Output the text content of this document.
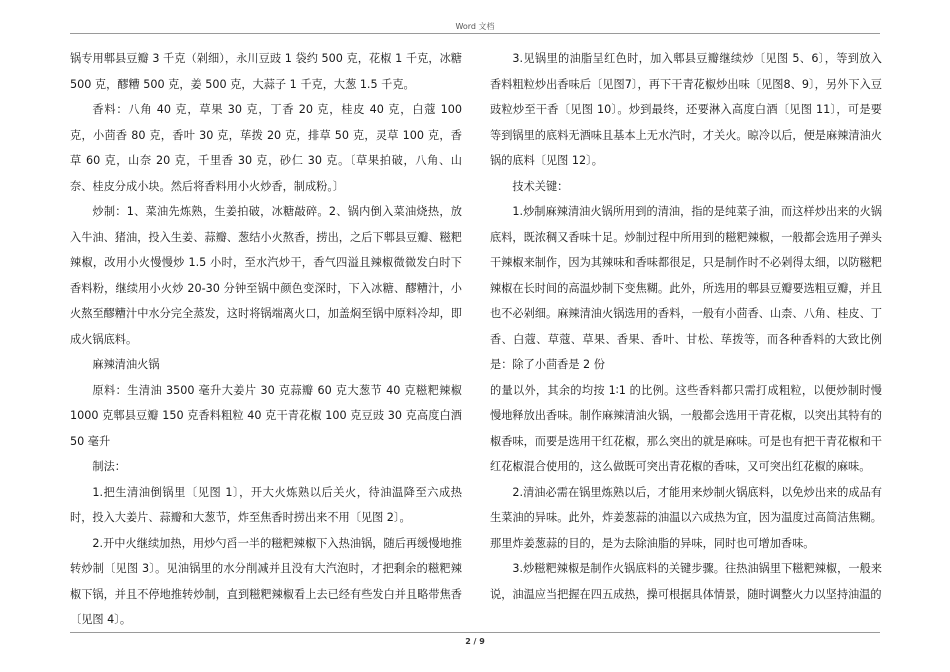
Word 文档

锅专用郫县豆瓣 3 千克（剁细），永川豆豉 1 袋约 500 克，花椒 1 千克，冰糖 500 克，醪糟 500 克，姜 500 克，大蒜子 1 千克，大葱 1.5 千克。

香料：八角 40 克，草果 30 克，丁香 20 克，桂皮 40 克，白蔻 100 克，小茴香 80 克，香叶 30 克，荜拨 20 克，排草 50 克，灵草 100 克，香草 60 克，山奈 20 克，千里香 30 克，砂仁 30 克。〔草果拍破，八角、山奈、桂皮分成小块。然后将香料用小火炒香，制成粉。〕

炒制：1、菜油先炼熟，生姜拍破，冰糖敲碎。2、锅内倒入菜油烧热，放入牛油、猪油，投入生姜、蒜瓣、葱结小火熬香，捞出，之后下郫县豆瓣、糍粑辣椒，改用小火慢慢炒 1.5 小时，至水汽炒干，香气四溢且辣椒微微发白时下香料粉，继续用小火炒 20-30 分钟至锅中颜色变深时，下入冰糖、醪糟汁，小火熬至醪糟汁中水分完全蒸发，这时将锅端离火口，加盖焖至锅中原料冷却，即成火锅底料。

麻辣清油火锅

原料：生清油 3500 毫升大姜片 30 克蒜瓣 60 克大葱节 40 克糍粑辣椒 1000 克郫县豆瓣 150 克香料粗粒 40 克干青花椒 100 克豆豉 30 克高度白酒 50 毫升

制法：

1.把生清油倒锅里〔见图 1〕，开大火炼熟以后关火，待油温降至六成热时，投入大姜片、蒜瓣和大葱节，炸至焦香时捞出来不用〔见图 2〕。

2.开中火继续加热，用炒勺舀一半的糍粑辣椒下入热油锅，随后再缓慢地推转炒制〔见图 3〕。见油锅里的水分削减并且没有大汽泡时，才把剩余的糍粑辣椒下锅，并且不停地推转炒制，直到糍粑辣椒看上去已经有些发白并且略带焦香〔见图 4〕。

3.见锅里的油脂呈红色时，加入郫县豆瓣继续炒〔见图 5、6〕，等到放入香料粗粒炒出香味后〔见图7〕，再下干青花椒炒出味〔见图8、9〕，另外下入豆豉粒炒至干香〔见图 10〕。炒到最终，还要淋入高度白酒〔见图 11〕，可是要等到锅里的底料无酒味且基本上无水汽时，才关火。晾冷以后，便是麻辣清油火锅的底料〔见图 12〕。

技术关键：

1.炒制麻辣清油火锅所用到的清油，指的是纯菜子油，而这样炒出来的火锅底料，既浓稠又香味十足。炒制过程中所用到的糍粑辣椒，一般都会选用子弹头干辣椒来制作，因为其辣味和香味都很足，只是制作时不必剁得太细，以防糍粑辣椒在长时间的高温炒制下变焦糊。此外，所选用的郫县豆瓣要选粗豆瓣，并且也不必剁细。麻辣清油火锅选用的香料，一般有小茴香、山柰、八角、桂皮、丁香、白蔻、草蔻、草果、香果、香叶、甘松、荜拨等，而各种香料的大致比例是：除了小茴香是 2 份

的量以外，其余的均按 1∶1 的比例。这些香料都只需打成粗粒，以便炒制时慢慢地释放出香味。制作麻辣清油火锅，一般都会选用干青花椒，以突出其特有的椒香味，而要是选用干红花椒，那么突出的就是麻味。可是也有把干青花椒和干红花椒混合使用的，这么做既可突出青花椒的香味，又可突出红花椒的麻味。

2.清油必需在锅里炼熟以后，才能用来炒制火锅底料，以免炒出来的成品有生菜油的异味。此外，炸姜葱蒜的油温以六成热为宜，因为温度过高简洁焦糊。那里炸姜葱蒜的目的，是为去除油脂的异味，同时也可增加香味。

3.炒糍粑辣椒是制作火锅底料的关键步骤。往热油锅里下糍粑辣椒，一般来说，油温应当把握在四五成热，操可根据具体情景，随时调整火力以坚持油温的

2 / 9
